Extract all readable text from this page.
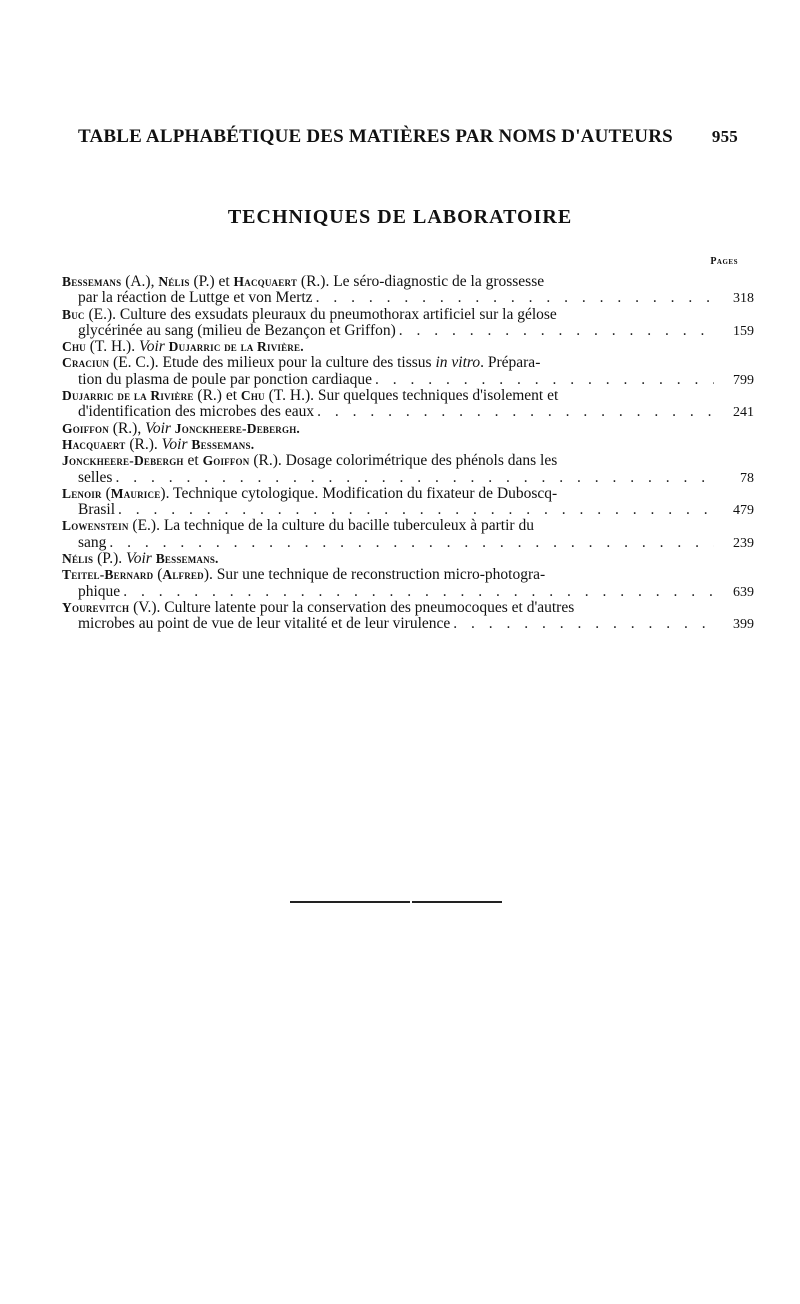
TABLE ALPHABÉTIQUE DES MATIÈRES PAR NOMS D'AUTEURS 955
TECHNIQUES DE LABORATOIRE
Pages
Bessemans (A.), Nélis (P.) et Hacquaert (R.). Le séro-diagnostic de la grossesse
par la réaction de Luttge et von Mertz . . .	318
Buc (E.). Culture des exsudats pleuraux du pneumothorax artificiel sur la gélose
glycérinée au sang (milieu de Bezançon et Griffon) . . .	159
Chu (T. H.). Voir Dujarric de la Rivière.
Craciun (E. C.). Etude des milieux pour la culture des tissus in vitro. Prépara-
tion du plasma de poule par ponction cardiaque . . .	799
Dujarric de la Rivière (R.) et Chu (T. H.). Sur quelques techniques d'isolement et
d'identification des microbes des eaux . . .	241
Goiffon (R.), Voir Jonckheere-Debergh.
Hacquaert (R.). Voir Bessemans.
Jonckheere-Debergh et Goiffon (R.). Dosage colorimétrique des phénols dans les
selles . . .	78
Lenoir (Maurice). Technique cytologique. Modification du fixateur de Duboscq-
Brasil . . .	479
Lowenstein (E.). La technique de la culture du bacille tuberculeux à partir du
sang . . .	239
Nélis (P.). Voir Bessemans.
Teitel-Bernard (Alfred). Sur une technique de reconstruction micro-photogra-
phique . . .	639
Yourevitch (V.). Culture latente pour la conservation des pneumocoques et d'autres
microbes au point de vue de leur vitalité et de leur virulence . . .	399
